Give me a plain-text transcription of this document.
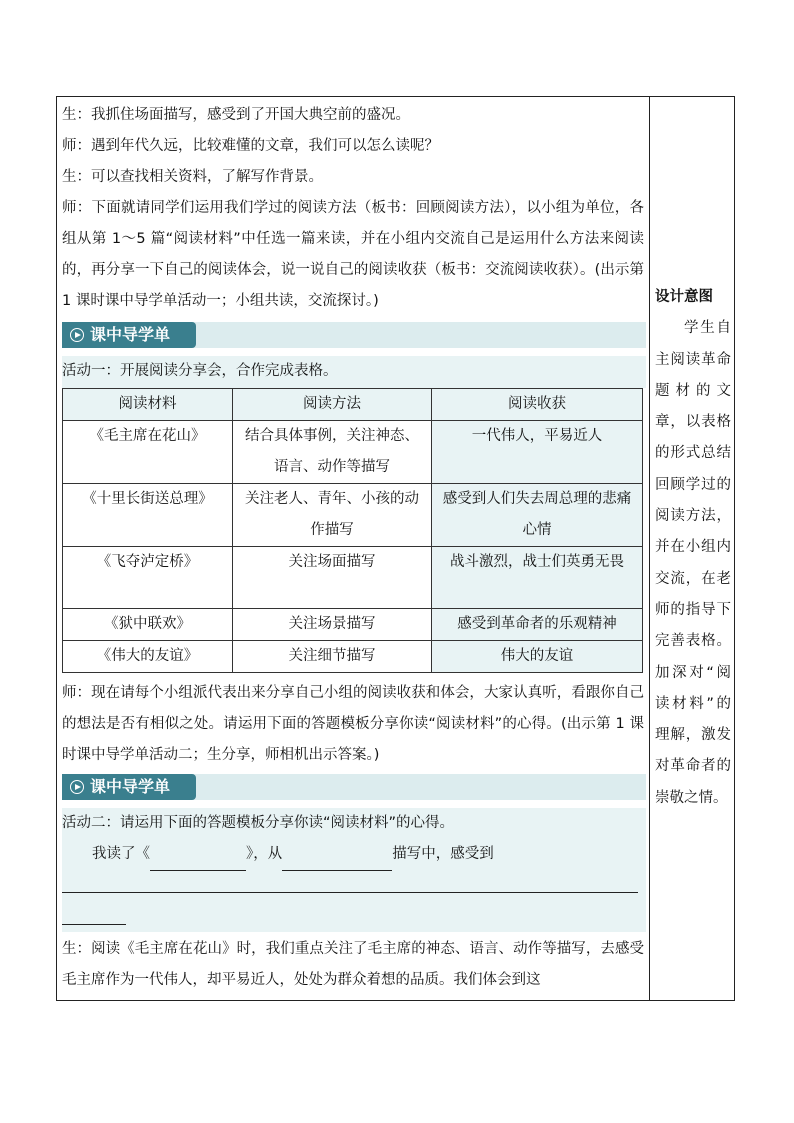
生：我抓住场面描写，感受到了开国大典空前的盛况。

师：遇到年代久远，比较难懂的文章，我们可以怎么读呢？

生：可以查找相关资料，了解写作背景。

师：下面就请同学们运用我们学过的阅读方法（板书：回顾阅读方法），以小组为单位，各组从第 1～5 篇“阅读材料”中任选一篇来读，并在小组内交流自己是运用什么方法来阅读的，再分享一下自己的阅读体会，说一说自己的阅读收获（板书：交流阅读收获）。(出示第 1 课时课中导学单活动一；小组共读，交流探讨。)

课中导学单

活动一：开展阅读分享会，合作完成表格。

阅读材料	阅读方法	阅读收获
《毛主席在花山》	结合具体事例，关注神态、语言、动作等描写	一代伟人，平易近人
《十里长街送总理》	关注老人、青年、小孩的动作描写	感受到人们失去周总理的悲痛心情
《飞夺泸定桥》	关注场面描写	战斗激烈，战士们英勇无畏
《狱中联欢》	关注场景描写	感受到革命者的乐观精神
《伟大的友谊》	关注细节描写	伟大的友谊

师：现在请每个小组派代表出来分享自己小组的阅读收获和体会，大家认真听，看跟你自己的想法是否有相似之处。请运用下面的答题模板分享你读“阅读材料”的心得。(出示第 1 课时课中导学单活动二；生分享，师相机出示答案。)

课中导学单

活动二：请运用下面的答题模板分享你读“阅读材料”的心得。

我读了《	》，从	描写中，感受到

生：阅读《毛主席在花山》时，我们重点关注了毛主席的神态、语言、动作等描写，去感受毛主席作为一代伟人，却平易近人，处处为群众着想的品质。我们体会到这

设计意图
学生自主阅读革命题材的文章，以表格的形式总结回顾学过的阅读方法，并在小组内交流，在老师的指导下完善表格。加深对“阅读材料”的理解，激发对革命者的崇敬之情。
